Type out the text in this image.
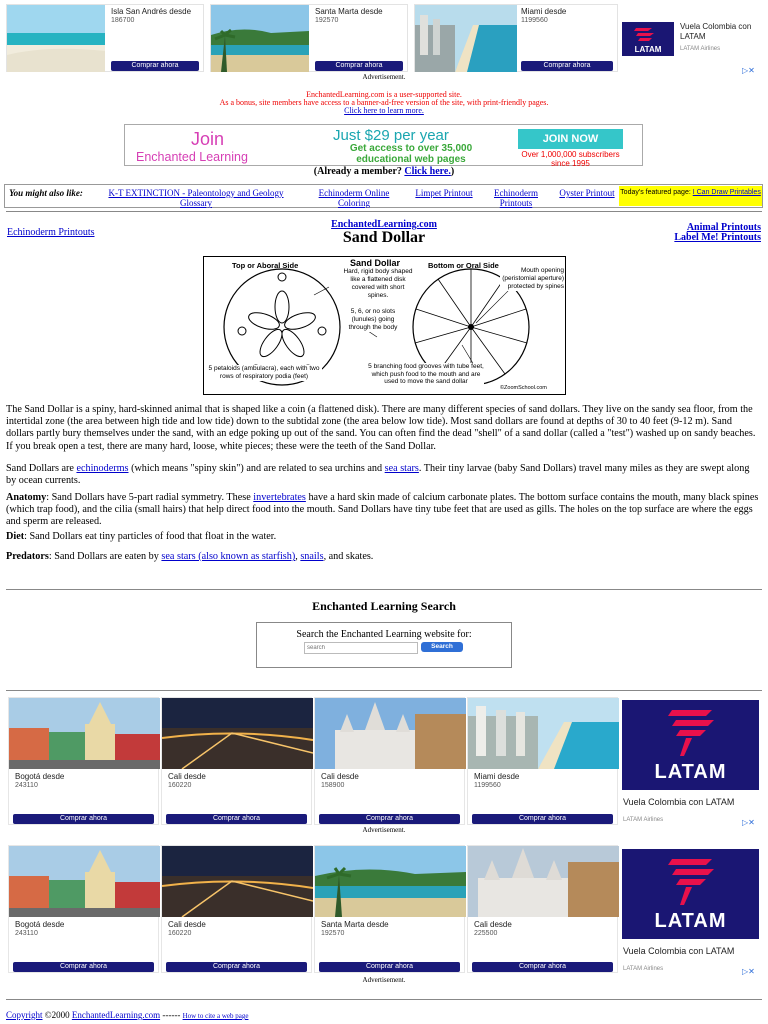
Isla San Andrés desde
186700
Comprar ahora
Santa Marta desde
192570
Comprar ahora
Miami desde
1199560
Comprar ahora
LATAM
Vuela Colombia con LATAM
LATAM Airlines
▷✕
Advertisement.
EnchantedLearning.com is a user-supported site.
As a bonus, site members have access to a banner-ad-free version of the site, with print-friendly pages.
Click here to learn more.
Join
Enchanted Learning
Just $29 per year
Get access to over 35,000
educational web pages
JOIN NOW
Over 1,000,000 subscribers
since 1995
(Already a member? Click here.)
You might also like:	K-T EXTINCTION - Paleontology and Geology Glossary
Echinoderm Online Coloring
Limpet Printout	Echinoderm Printouts
Oyster Printout Today's featured page: I Can Draw Printables
Echinoderm Printouts
EnchantedLearning.com
Sand Dollar
Animal Printouts
Label Me! Printouts
Top or Aboral Side	Sand Dollar	Bottom or Oral Side
Hard, rigid body shaped like a flattened disk covered with short spines.
5, 6, or no slots (lunules) going through the body
Mouth opening (peristomial aperture) protected by spines
5 petaloids (ambulacra), each with two rows of respiratory podia (feet)
5 branching food grooves with tube feet, which push food to the mouth and are used to move the sand dollar
©ZoomSchool.com
The Sand Dollar is a spiny, hard-skinned animal that is shaped like a coin (a flattened disk). There are many different species of sand dollars. They live on the sandy sea floor, from the intertidal zone (the area between high tide and low tide) down to the subtidal zone (the area below low tide). Most sand dollars are found at depths of 30 to 40 feet (9-12 m). Sand dollars partly bury themselves under the sand, with an edge poking up out of the sand. You can often find the dead "shell" of a sand dollar (called a "test") washed up on sandy beaches. If you break open a test, there are many hard, loose, white pieces; these were the teeth of the Sand Dollar.
Sand Dollars are echinoderms (which means "spiny skin") and are related to sea urchins and sea stars. Their tiny larvae (baby Sand Dollars) travel many miles as they are swept along by ocean currents.
Anatomy: Sand Dollars have 5-part radial symmetry. These invertebrates have a hard skin made of calcium carbonate plates. The bottom surface contains the mouth, many black spines (which trap food), and the cilia (small hairs) that help direct food into the mouth. Sand Dollars have tiny tube feet that are used as gills. The holes on the top surface are where the eggs and sperm are released.
Diet: Sand Dollars eat tiny particles of food that float in the water.
Predators: Sand Dollars are eaten by sea stars (also known as starfish), snails, and skates.
Enchanted Learning Search
Search the Enchanted Learning website for:
search
Search
Bogotá desde
243110
Comprar ahora
Cali desde
160220
Comprar ahora
Cali desde
158900
Comprar ahora
Miami desde
1199560
Comprar ahora
LATAM
Vuela Colombia con LATAM
LATAM Airlines	▷✕
Advertisement.
Bogotá desde
243110
Comprar ahora
Cali desde
160220
Comprar ahora
Santa Marta desde
192570
Comprar ahora
Cali desde
225500
Comprar ahora
LATAM
Vuela Colombia con LATAM
LATAM Airlines	▷✕
Advertisement.
Copyright ©2000 EnchantedLearning.com ------ How to cite a web page
